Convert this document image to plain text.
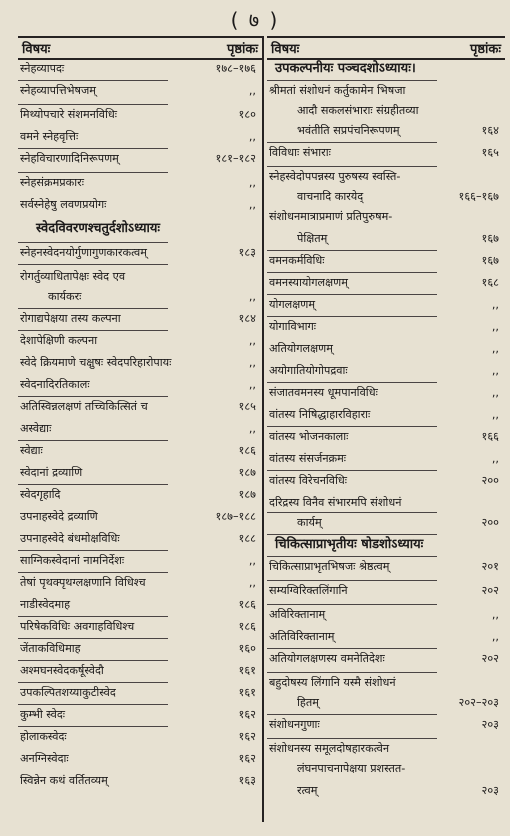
( ७ )
विषयः	पृष्ठांकः
स्नेहव्यापदः	१७८–१७६
स्नेहव्यापत्तिभेषजम्	,,
मिथ्योपचारे संशमनविधिः	१८०
वमने स्नेहवृत्तिः	,,
स्नेहविचारणादिनिरूपणम्	१८१–१८२
स्नेहसंक्रमप्रकारः	,,
सर्वस्नेहेषु लवणप्रयोगः	,,
स्वेदविवरणश्चतुर्दशोऽध्यायः
स्नेहनस्वेदनयोर्गुणागुणकारकत्वम्	१८३
रोगर्तुव्याधितापेक्षः स्वेद एव
कार्यकरः	,,
रोगाद्यपेक्षया तस्य कल्पना	१८४
देशापेक्षिणी कल्पना	,,
स्वेदे क्रियमाणे चक्षुषः स्वेदपरिहारोपायः	,,
स्वेदनादिरतिकालः	,,
अतिस्विन्नलक्षणं तच्चिकित्सितं च	१८५
अस्वेद्याः	,,
स्वेद्याः	१८६
स्वेदानां द्रव्याणि	१८७
स्वेदगृहादि	१८७
उपनाहस्वेदे द्रव्याणि	१८७–१८८
उपनाहस्वेदे बंधमोक्षविधिः	१८८
साग्निकस्वेदानां नामनिर्देशः	,,
तेषां पृथक्पृथग्लक्षणानि विधिश्च	,,
नाडीस्वेदमाह	१८६
परिषेकविधिः अवगाहविधिश्च	१८६
जेंताकविधिमाह	१६०
अश्मघनस्वेदकर्षूस्वेदौ	१६१
उपकल्पितशय्याकुटीस्वेद	१६१
कुम्भी स्वेदः	१६२
होलाकस्वेदः	१६२
अनग्निस्वेदाः	१६२
स्विन्नेन कथं वर्तितव्यम्	१६३
विषयः	पृष्ठांकः
उपकल्पनीयः पञ्चदशोऽध्यायः।
श्रीमतां संशोधनं कर्तुकामेन भिषजा
आदौ सकलसंभाराः संग्रहीतव्या
भवंतीति सप्रपंचनिरूपणम्	१६४
विविधाः संभाराः	१६५
स्नेहस्वेदोपपन्नस्य पुरुषस्य स्वस्ति-
वाचनादि कारयेद्	१६६–१६७
संशोधनमात्राप्रमाणं प्रतिपुरुषम-
पेक्षितम्	१६७
वमनकर्मविधिः	१६७
वमनस्यायोगलक्षणम्	१६८
योगलक्षणम्	,,
योगाविभागः	,,
अतियोगलक्षणम्	,,
अयोगातियोगोपद्रवाः	,,
संजातवमनस्य धूमपानविधिः	,,
वांतस्य निषिद्धाहारविहाराः	,,
वांतस्य भोजनकालाः	१६६
वांतस्य संसर्जनक्रमः	,,
वांतस्य विरेचनविधिः	२००
दरिद्रस्य विनैव संभारमपि संशोधनं
कार्यम्	२००
चिकित्साप्राभृतीयः षोडशोऽध्यायः
चिकित्साप्राभृतभिषजः श्रेष्ठत्वम्	२०१
सम्यग्विरिक्तलिंगानि	२०२
अविरिक्तानाम्	,,
अतिविरिक्तानाम्	,,
अतियोगलक्षणस्य वमनेतिदेशः	२०२
बहुदोषस्य लिंगानि यस्मै संशोधनं
हितम्	२०२–२०३
संशोधनगुणाः	२०३
संशोधनस्य समूलदोषहारकत्वेन
लंघनपाचनापेक्षया प्रशस्तत-
रत्वम्	२०३
